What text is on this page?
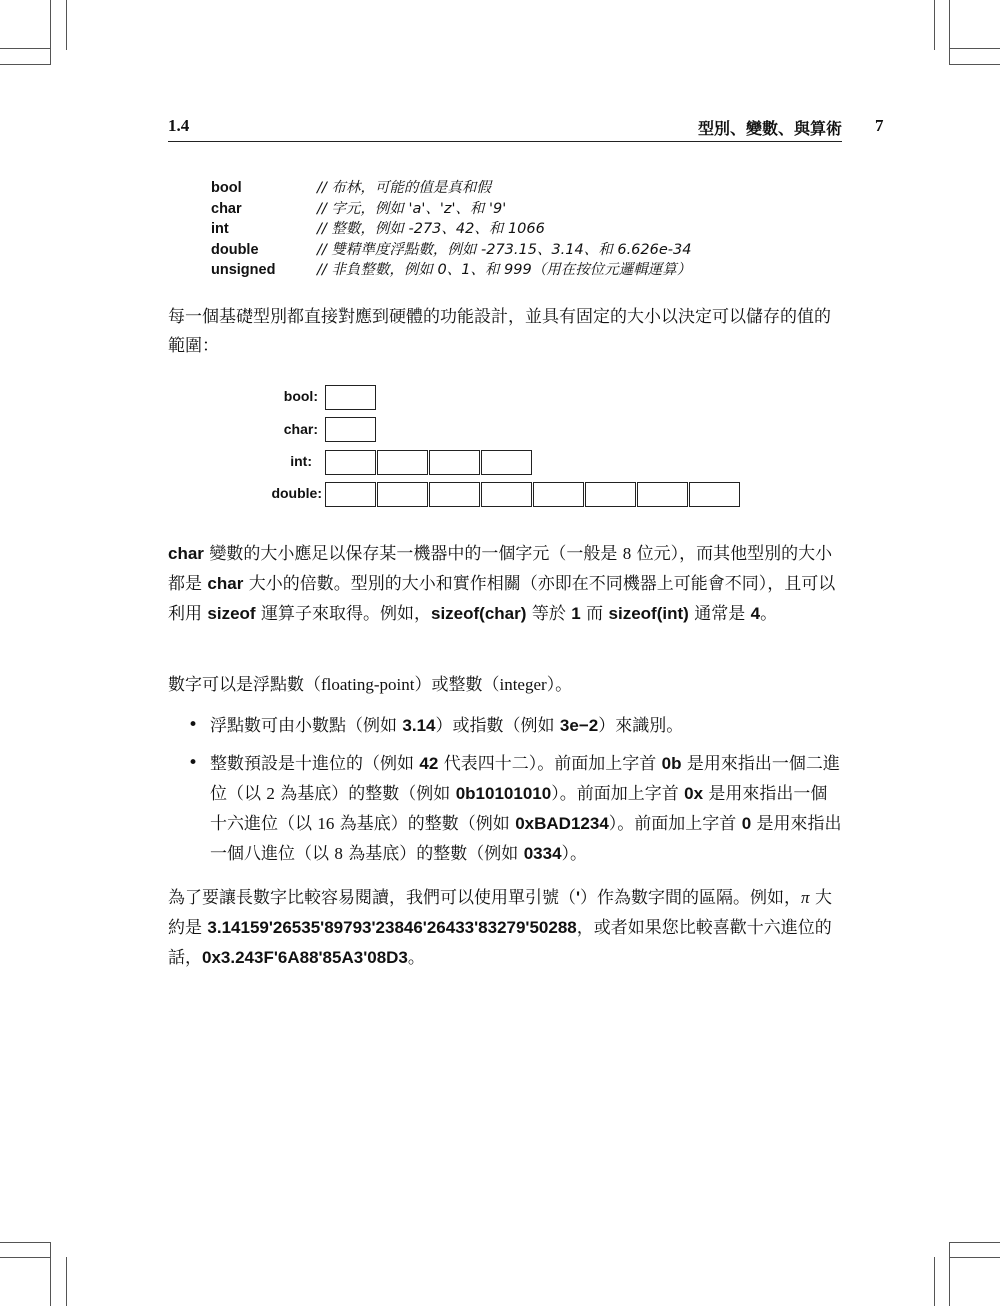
1.4	型別、變數、與算術 7
bool	// 布林，可能的值是真和假
char	// 字元，例如 'a'、'z'、和 '9'
int	// 整數，例如 -273、42、和 1066
double	// 雙精準度浮點數，例如 -273.15、3.14、和 6.626e-34
unsigned	// 非負整數，例如 0、1、和 999（用在按位元邏輯運算）

每一個基礎型別都直接對應到硬體的功能設計，並具有固定的大小以決定可以儲存的值的範圍：

bool:
char:
int:
double:

char 變數的大小應足以保存某一機器中的一個字元（一般是 8 位元），而其他型別的大小都是 char 大小的倍數。型別的大小和實作相關（亦即在不同機器上可能會不同），且可以利用 sizeof 運算子來取得。例如，sizeof(char) 等於 1 而 sizeof(int) 通常是 4。

數字可以是浮點數（floating-point）或整數（integer）。

• 浮點數可由小數點（例如 3.14）或指數（例如 3e−2）來識別。
• 整數預設是十進位的（例如 42 代表四十二）。前面加上字首 0b 是用來指出一個二進位（以 2 為基底）的整數（例如 0b10101010）。前面加上字首 0x 是用來指出一個十六進位（以 16 為基底）的整數（例如 0xBAD1234）。前面加上字首 0 是用來指出一個八進位（以 8 為基底）的整數（例如 0334）。

為了要讓長數字比較容易閱讀，我們可以使用單引號（'）作為數字間的區隔。例如，π 大約是 3.14159'26535'89793'23846'26433'83279'50288，或者如果您比較喜歡十六進位的話，0x3.243F'6A88'85A3'08D3。
